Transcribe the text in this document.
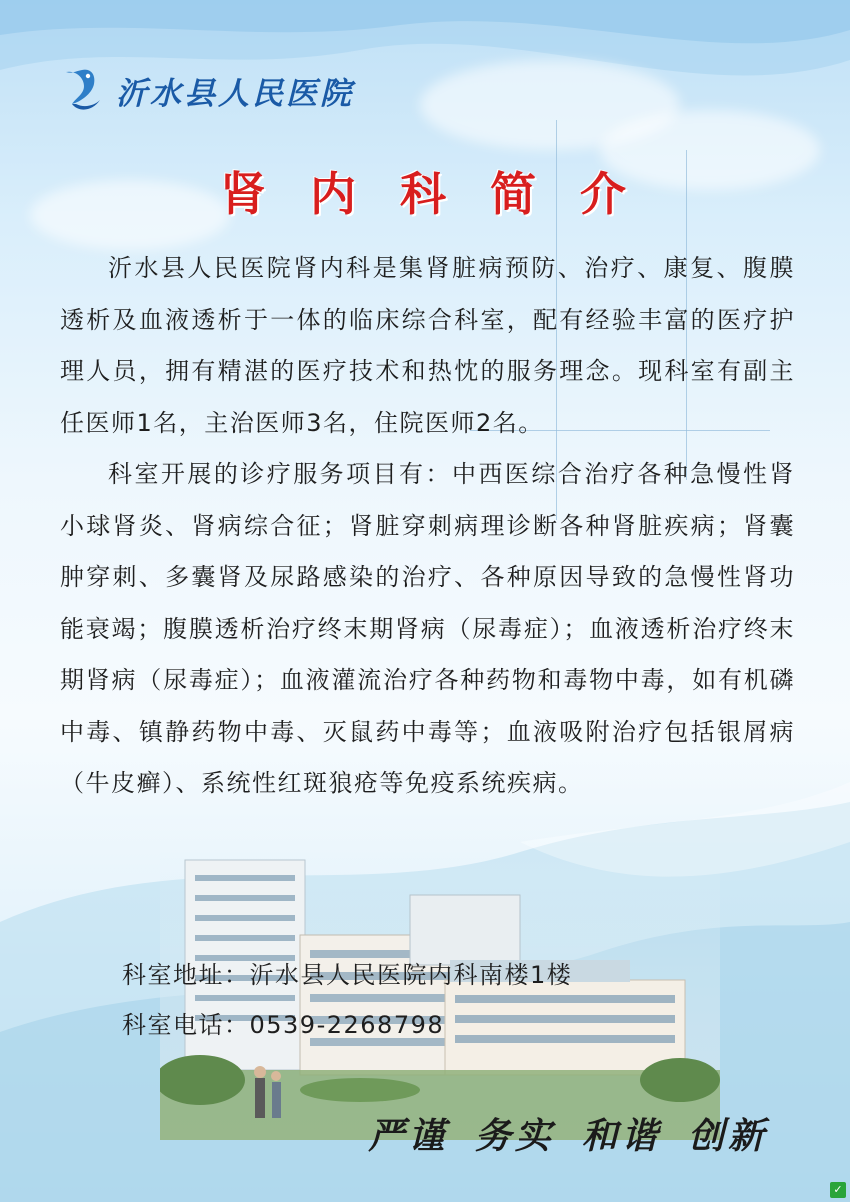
沂水县人民医院
肾内科简介

沂水县人民医院肾内科是集肾脏病预防、治疗、康复、腹膜透析及血液透析于一体的临床综合科室，配有经验丰富的医疗护理人员，拥有精湛的医疗技术和热忱的服务理念。现科室有副主任医师1名，主治医师3名，住院医师2名。

科室开展的诊疗服务项目有：中西医综合治疗各种急慢性肾小球肾炎、肾病综合征；肾脏穿刺病理诊断各种肾脏疾病；肾囊肿穿刺、多囊肾及尿路感染的治疗、各种原因导致的急慢性肾功能衰竭；腹膜透析治疗终末期肾病（尿毒症）；血液透析治疗终末期肾病（尿毒症）；血液灌流治疗各种药物和毒物中毒，如有机磷中毒、镇静药物中毒、灭鼠药中毒等；血液吸附治疗包括银屑病（牛皮癣）、系统性红斑狼疮等免疫系统疾病。

科室地址：沂水县人民医院内科南楼1楼
科室电话：0539-2268798
严谨 务实 和谐 创新
✓
